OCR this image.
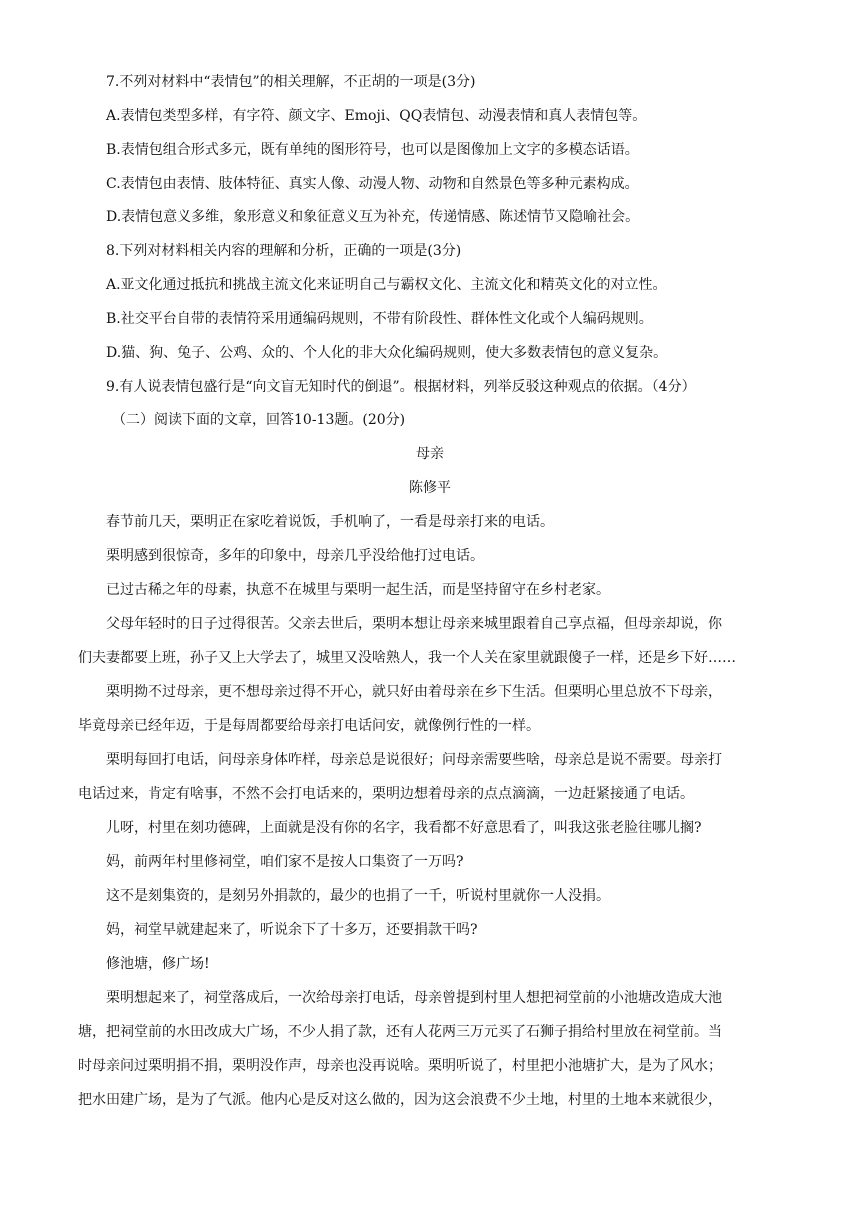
7.不列对材料中“表情包”的相关理解，不正胡的一项是(3分)
A.表情包类型多样，有字符、颜文字、Emoji、QQ表情包、动漫表情和真人表情包等。
B.表情包组合形式多元，既有单纯的图形符号，也可以是图像加上文字的多模态话语。
C.表情包由表情、肢体特征、真实人像、动漫人物、动物和自然景色等多种元素构成。
D.表情包意义多维，象形意义和象征意义互为补充，传递情感、陈述情节又隐喻社会。
8.下列对材料相关内容的理解和分析，正确的一项是(3分)
A.亚文化通过抵抗和挑战主流文化来证明自己与霸权文化、主流文化和精英文化的对立性。
B.社交平台自带的表情符采用通编码规则，不带有阶段性、群体性文化或个人编码规则。
D.猫、狗、兔子、公鸡、众的、个人化的非大众化编码规则，使大多数表情包的意义复杂。
9.有人说表情包盛行是“向文盲无知时代的倒退”。根据材料，列举反驳这种观点的依据。（4分）
（二）阅读下面的文章，回答10-13题。(20分)
母亲
陈修平
春节前几天，栗明正在家吃着说饭，手机响了，一看是母亲打来的电话。
栗明感到很惊奇，多年的印象中，母亲几乎没给他打过电话。
已过古稀之年的母素，执意不在城里与栗明一起生活，而是坚持留守在乡村老家。
父母年轻时的日子过得很苦。父亲去世后，栗明本想让母亲来城里跟着自己享点福，但母亲却说，你
们夫妻都要上班，孙子又上大学去了，城里又没啥熟人，我一个人关在家里就跟傻子一样，还是乡下好……
栗明拗不过母亲，更不想母亲过得不开心，就只好由着母亲在乡下生活。但栗明心里总放不下母亲，
毕竟母亲已经年迈，于是每周都要给母亲打电话问安，就像例行性的一样。
栗明每回打电话，问母亲身体咋样，母亲总是说很好；问母亲需要些啥，母亲总是说不需要。母亲打
电话过来，肯定有啥事，不然不会打电话来的，栗明边想着母亲的点点滴滴，一边赶紧接通了电话。
儿呀，村里在刻功德碑，上面就是没有你的名字，我看都不好意思看了，叫我这张老脸往哪儿搁?
妈，前两年村里修祠堂，咱们家不是按人口集资了一万吗?
这不是刻集资的，是刻另外捐款的，最少的也捐了一千，听说村里就你一人没捐。
妈，祠堂早就建起来了，听说余下了十多万，还要捐款干吗?
修池塘，修广场!
栗明想起来了，祠堂落成后，一次给母亲打电话，母亲曾提到村里人想把祠堂前的小池塘改造成大池
塘，把祠堂前的水田改成大广场，不少人捐了款，还有人花两三万元买了石狮子捐给村里放在祠堂前。当
时母亲问过栗明捐不捐，栗明没作声，母亲也没再说啥。栗明听说了，村里把小池塘扩大，是为了风水；
把水田建广场，是为了气派。他内心是反对这么做的，因为这会浪费不少土地，村里的土地本来就很少，
